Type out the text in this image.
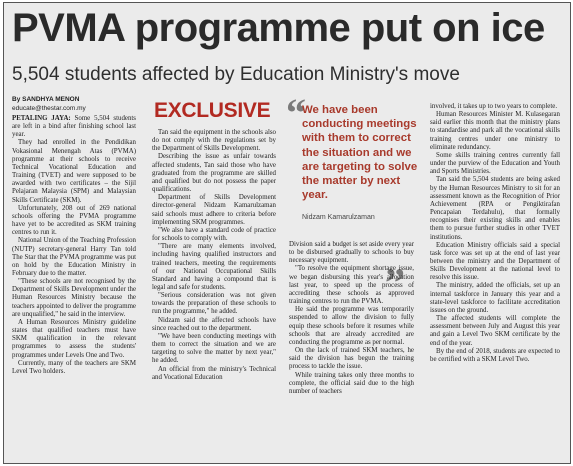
PVMA programme put on ice
5,504 students affected by Education Ministry's move
By SANDHYA MENON
educate@thestar.com.my	EXCLUSIVE “
We have been conducting meetings with them to correct the situation and we are targeting to solve the matter by next year.
Nidzam Kamarulzaman
”

PETALING JAYA: Some 5,504 students are left in a bind after finishing school last year.

They had enrolled in the Pendidikan Vokasional Menengah Atas (PVMA) programme at their schools to receive Technical Vocational Education and Training (TVET) and were supposed to be awarded with two certificates – the Sijil Pelajaran Malaysia (SPM) and Malaysian Skills Certificate (SKM).

Unfortunately, 208 out of 269 national schools offering the PVMA programme have yet to be accredited as SKM training centres to run it.

National Union of the Teaching Profession (NUTP) secretary-general Harry Tan told The Star that the PVMA programme was put on hold by the Education Ministry in February due to the matter.

"These schools are not recognised by the Department of Skills Development under the Human Resources Ministry because the teachers appointed to deliver the programme are unqualified," he said in the interview.

A Human Resources Ministry guideline states that qualified teachers must have SKM qualification in the relevant programmes to assess the students' programmes under Levels One and Two.

Currently, many of the teachers are SKM Level Two holders.

Tan said the equipment in the schools also do not comply with the regulations set by the Department of Skills Development.

Describing the issue as unfair towards affected students, Tan said those who have graduated from the programme are skilled and qualified but do not possess the paper qualifications.

Department of Skills Development director-general Nidzam Kamarulzaman said schools must adhere to criteria before implementing SKM programmes.

"We also have a standard code of practice for schools to comply with.

"There are many elements involved, including having qualified instructors and trained teachers, meeting the requirements of our National Occupational Skills Standard and having a compound that is legal and safe for students.

"Serious consideration was not given towards the preparation of these schools to run the programme," he added.

Nidzam said the affected schools have since reached out to the department.

"We have been conducting meetings with them to correct the situation and we are targeting to solve the matter by next year," he added.

An official from the ministry's Technical and Vocational Education

Division said a budget is set aside every year to be disbursed gradually to schools to buy necessary equipment.

"To resolve the equipment shortage issue, we began disbursing this year's allocation last year, to speed up the process of accrediting these schools as approved training centres to run the PVMA.

He said the programme was temporarily suspended to allow the division to fully equip these schools before it resumes while schools that are already accredited are conducting the programme as per normal.

On the lack of trained SKM teachers, he said the division has begun the training process to tackle the issue.

While training takes only three months to complete, the official said due to the high number of teachers

involved, it takes up to two years to complete.

Human Resources Minister M. Kulasegaran said earlier this month that the ministry plans to standardise and park all the vocational skills training centres under one ministry to eliminate redundancy.

Some skills training centres currently fall under the purview of the Education and Youth and Sports Ministries.

Tan said the 5,504 students are being asked by the Human Resources Ministry to sit for an assessment known as the Recognition of Prior Achievement (RPA or Pengiktirafan Pencapaian Terdahulu), that formally recognises their existing skills and enables them to pursue further studies in other TVET institutions.

Education Ministry officials said a special task force was set up at the end of last year between the ministry and the Department of Skills Development at the national level to resolve this issue.

The ministry, added the officials, set up an internal taskforce in January this year and a state-level taskforce to facilitate accreditation issues on the ground.

The affected students will complete the assessment between July and August this year and gain a Level Two SKM certificate by the end of the year.

By the end of 2018, students are expected to be certified with a SKM Level Two.
